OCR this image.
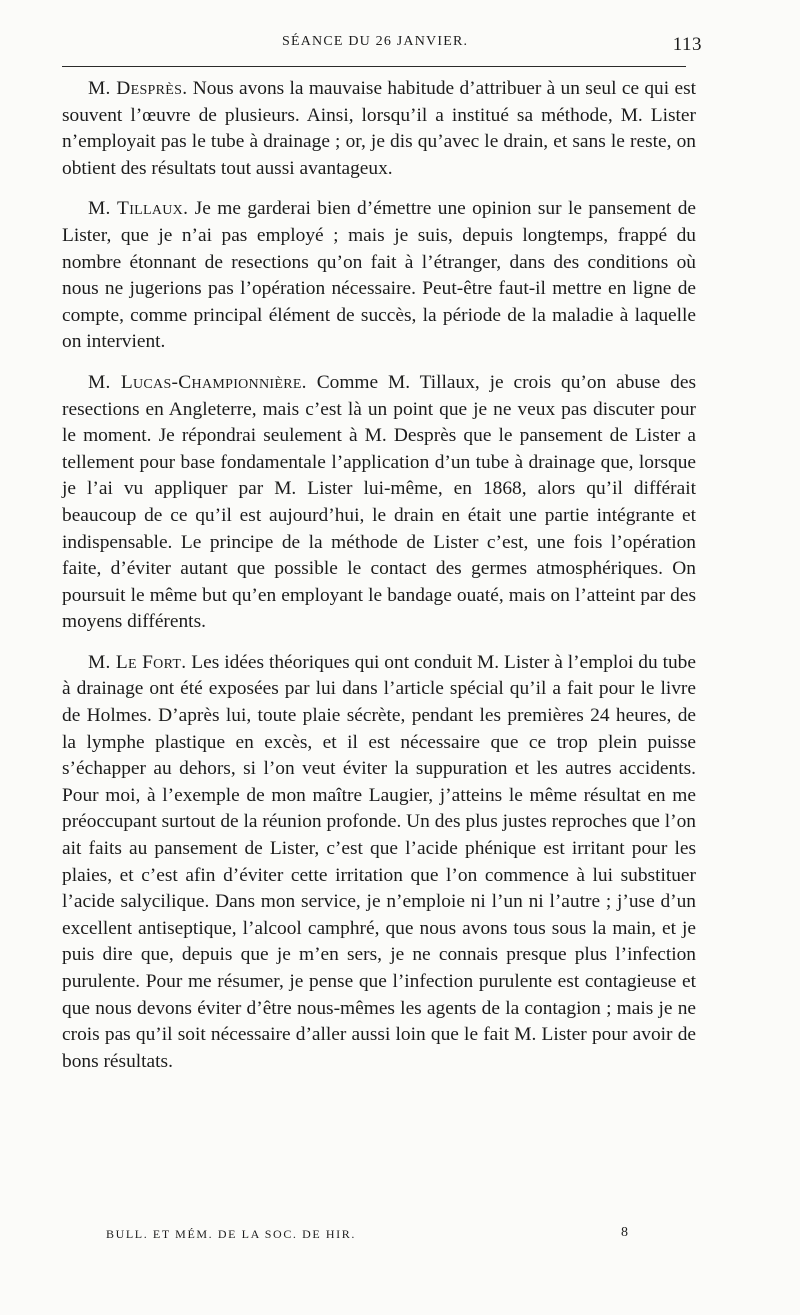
SÉANCE DU 26 JANVIER.	113

M. Desprès. Nous avons la mauvaise habitude d’attribuer à un seul ce qui est souvent l’œuvre de plusieurs. Ainsi, lorsqu’il a institué sa méthode, M. Lister n’employait pas le tube à drainage ; or, je dis qu’avec le drain, et sans le reste, on obtient des résultats tout aussi avantageux.

M. Tillaux. Je me garderai bien d’émettre une opinion sur le pansement de Lister, que je n’ai pas employé ; mais je suis, depuis longtemps, frappé du nombre étonnant de resections qu’on fait à l’étranger, dans des conditions où nous ne jugerions pas l’opération nécessaire. Peut-être faut-il mettre en ligne de compte, comme principal élément de succès, la période de la maladie à laquelle on intervient.

M. Lucas-Championnière. Comme M. Tillaux, je crois qu’on abuse des resections en Angleterre, mais c’est là un point que je ne veux pas discuter pour le moment. Je répondrai seulement à M. Desprès que le pansement de Lister a tellement pour base fondamentale l’application d’un tube à drainage que, lorsque je l’ai vu appliquer par M. Lister lui-même, en 1868, alors qu’il différait beaucoup de ce qu’il est aujourd’hui, le drain en était une partie intégrante et indispensable. Le principe de la méthode de Lister c’est, une fois l’opération faite, d’éviter autant que possible le contact des germes atmosphériques. On poursuit le même but qu’en employant le bandage ouaté, mais on l’atteint par des moyens différents.

M. Le Fort. Les idées théoriques qui ont conduit M. Lister à l’emploi du tube à drainage ont été exposées par lui dans l’article spécial qu’il a fait pour le livre de Holmes. D’après lui, toute plaie sécrète, pendant les premières 24 heures, de la lymphe plastique en excès, et il est nécessaire que ce trop plein puisse s’échapper au dehors, si l’on veut éviter la suppuration et les autres accidents. Pour moi, à l’exemple de mon maître Laugier, j’atteins le même résultat en me préoccupant surtout de la réunion profonde. Un des plus justes reproches que l’on ait faits au pansement de Lister, c’est que l’acide phénique est irritant pour les plaies, et c’est afin d’éviter cette irritation que l’on commence à lui substituer l’acide salycilique. Dans mon service, je n’emploie ni l’un ni l’autre ; j’use d’un excellent antiseptique, l’alcool camphré, que nous avons tous sous la main, et je puis dire que, depuis que je m’en sers, je ne connais presque plus l’infection purulente. Pour me résumer, je pense que l’infection purulente est contagieuse et que nous devons éviter d’être nous-mêmes les agents de la contagion ; mais je ne crois pas qu’il soit nécessaire d’aller aussi loin que le fait M. Lister pour avoir de bons résultats.

BULL. ET MÉM. DE LA SOC. DE HIR.	8
